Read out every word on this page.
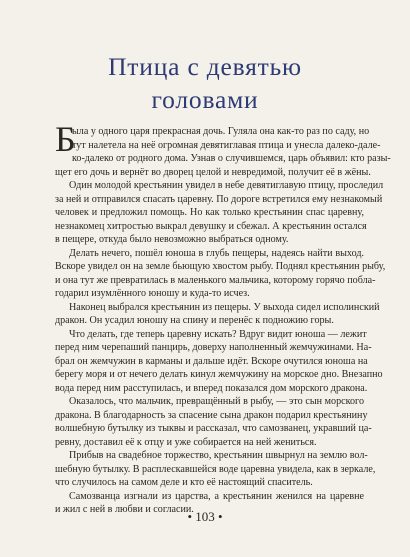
Птица с девятью
головами
Б
ыла у одного царя прекрасная дочь. Гуляла она как-то раз по саду, но
тут налетела на неё огромная девятиглавая птица и унесла далеко-дале-
ко-далеко от родного дома. Узнав о случившемся, царь объявил: кто разы-
щет его дочь и вернёт во дворец целой и невредимой, получит её в жёны.
Один молодой крестьянин увидел в небе девятиглавую птицу, проследил
за ней и отправился спасать царевну. По дороге встретился ему незнакомый
человек и предложил помощь. Но как только крестьянин спас царевну,
незнакомец хитростью выкрал девушку и сбежал. А крестьянин остался
в пещере, откуда было невозможно выбраться одному.
Делать нечего, пошёл юноша в глубь пещеры, надеясь найти выход.
Вскоре увидел он на земле бьющую хвостом рыбу. Поднял крестьянин рыбу,
и она тут же превратилась в маленького мальчика, которому горячо побла-
годарил изумлённого юношу и куда-то исчез.
Наконец выбрался крестьянин из пещеры. У выхода сидел исполинский
дракон. Он усадил юношу на спину и перенёс к подножию горы.
Что делать, где теперь царевну искать? Вдруг видит юноша — лежит
перед ним черепаший панцирь, доверху наполненный жемчужинами. На-
брал он жемчужин в карманы и дальше идёт. Вскоре очутился юноша на
берегу моря и от нечего делать кинул жемчужину на морское дно. Внезапно
вода перед ним расступилась, и вперед показался дом морского дракона.
Оказалось, что мальчик, превращённый в рыбу, — это сын морского
дракона. В благодарность за спасение сына дракон подарил крестьянину
волшебную бутылку из тыквы и рассказал, что самозванец, укравший ца-
ревну, доставил её к отцу и уже собирается на ней жениться.
Прибыв на свадебное торжество, крестьянин швырнул на землю вол-
шебную бутылку. В расплескавшейся воде царевна увидела, как в зеркале,
что случилось на самом деле и кто её настоящий спаситель.
Самозванца изгнали из царства, а крестьянин женился на царевне
и жил с ней в любви и согласии.
• 103 •
